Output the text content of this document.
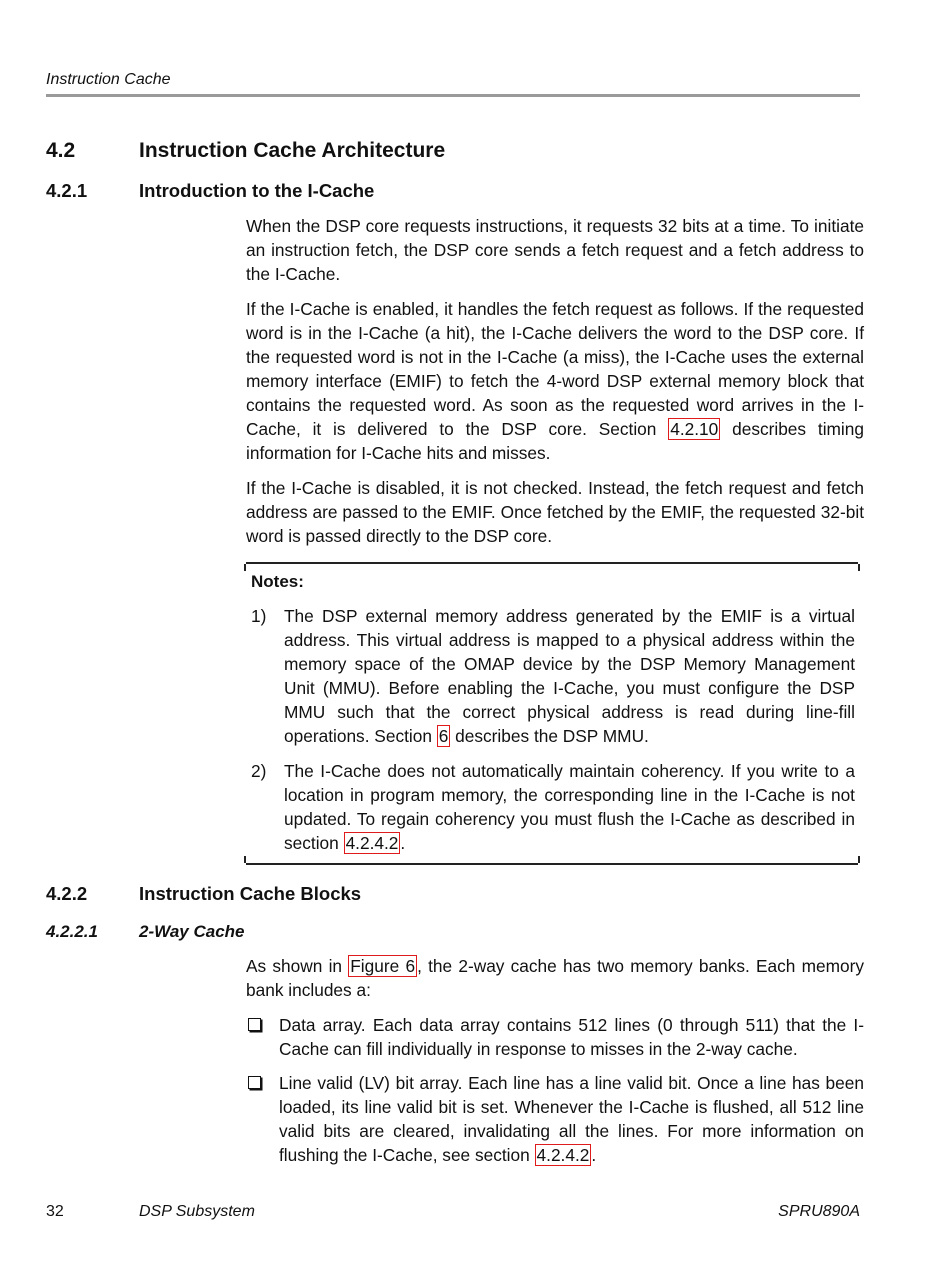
Instruction Cache
4.2	Instruction Cache Architecture
4.2.1	Introduction to the I-Cache

When the DSP core requests instructions, it requests 32 bits at a time. To initiate an instruction fetch, the DSP core sends a fetch request and a fetch address to the I-Cache.

If the I-Cache is enabled, it handles the fetch request as follows. If the requested word is in the I-Cache (a hit), the I-Cache delivers the word to the DSP core. If the requested word is not in the I-Cache (a miss), the I-Cache uses the external memory interface (EMIF) to fetch the 4-word DSP external memory block that contains the requested word. As soon as the requested word arrives in the I-Cache, it is delivered to the DSP core. Section 4.2.10 describes timing information for I-Cache hits and misses.

If the I-Cache is disabled, it is not checked. Instead, the fetch request and fetch address are passed to the EMIF. Once fetched by the EMIF, the requested 32-bit word is passed directly to the DSP core.

Notes:
1) The DSP external memory address generated by the EMIF is a virtual address. This virtual address is mapped to a physical address within the memory space of the OMAP device by the DSP Memory Management Unit (MMU). Before enabling the I-Cache, you must configure the DSP MMU such that the correct physical address is read during line-fill operations. Section 6 describes the DSP MMU.
2) The I-Cache does not automatically maintain coherency. If you write to a location in program memory, the corresponding line in the I-Cache is not updated. To regain coherency you must flush the I-Cache as described in section 4.2.4.2 .
4.2.2	Instruction Cache Blocks
4.2.2.1 2-Way Cache

As shown in Figure 6 , the 2-way cache has two memory banks. Each memory bank includes a:

Data array. Each data array contains 512 lines (0 through 511) that the I-Cache can fill individually in response to misses in the 2-way cache.
Line valid (LV) bit array. Each line has a line valid bit. Once a line has been loaded, its line valid bit is set. Whenever the I-Cache is flushed, all 512 line valid bits are cleared, invalidating all the lines. For more information on flushing the I-Cache, see section 4.2.4.2 .
32	DSP Subsystem	SPRU890A
